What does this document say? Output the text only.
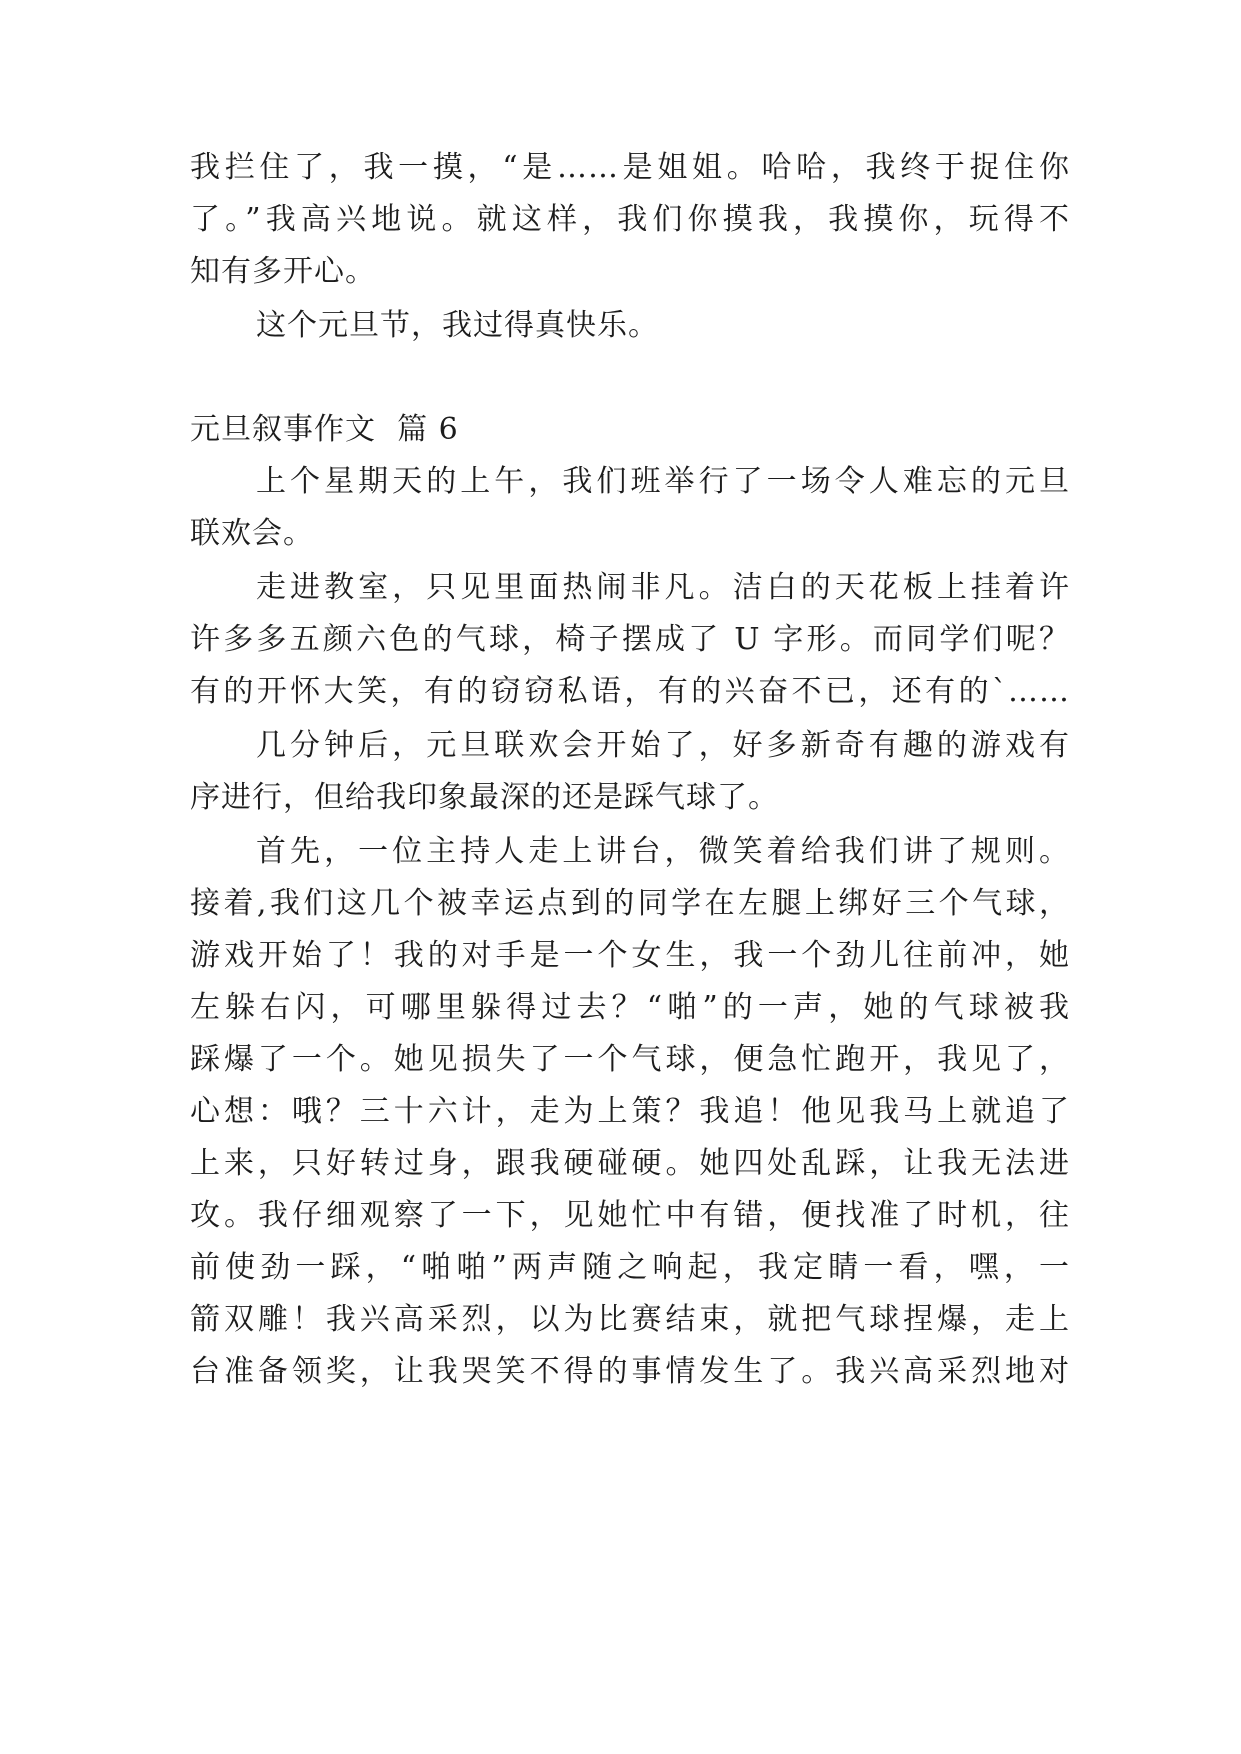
我拦住了，我一摸，“是……是姐姐。哈哈，我终于捉住你
了。”我高兴地说。就这样，我们你摸我，我摸你，玩得不
知有多开心。
这个元旦节，我过得真快乐。
元旦叙事作文  篇 6
上个星期天的上午，我们班举行了一场令人难忘的元旦
联欢会。
走进教室，只见里面热闹非凡。洁白的天花板上挂着许
许多多五颜六色的气球，椅子摆成了 U 字形。而同学们呢？
有的开怀大笑，有的窃窃私语，有的兴奋不已，还有的`……
几分钟后，元旦联欢会开始了，好多新奇有趣的游戏有
序进行，但给我印象最深的还是踩气球了。
首先，一位主持人走上讲台，微笑着给我们讲了规则。
接着,我们这几个被幸运点到的同学在左腿上绑好三个气球，
游戏开始了！我的对手是一个女生，我一个劲儿往前冲，她
左躲右闪，可哪里躲得过去？“啪”的一声，她的气球被我
踩爆了一个。她见损失了一个气球，便急忙跑开，我见了，
心想：哦？三十六计，走为上策？我追！他见我马上就追了
上来，只好转过身，跟我硬碰硬。她四处乱踩，让我无法进
攻。我仔细观察了一下，见她忙中有错，便找准了时机，往
前使劲一踩，“啪啪”两声随之响起，我定睛一看，嘿，一
箭双雕！我兴高采烈，以为比赛结束，就把气球捏爆，走上
台准备领奖，让我哭笑不得的事情发生了。我兴高采烈地对
